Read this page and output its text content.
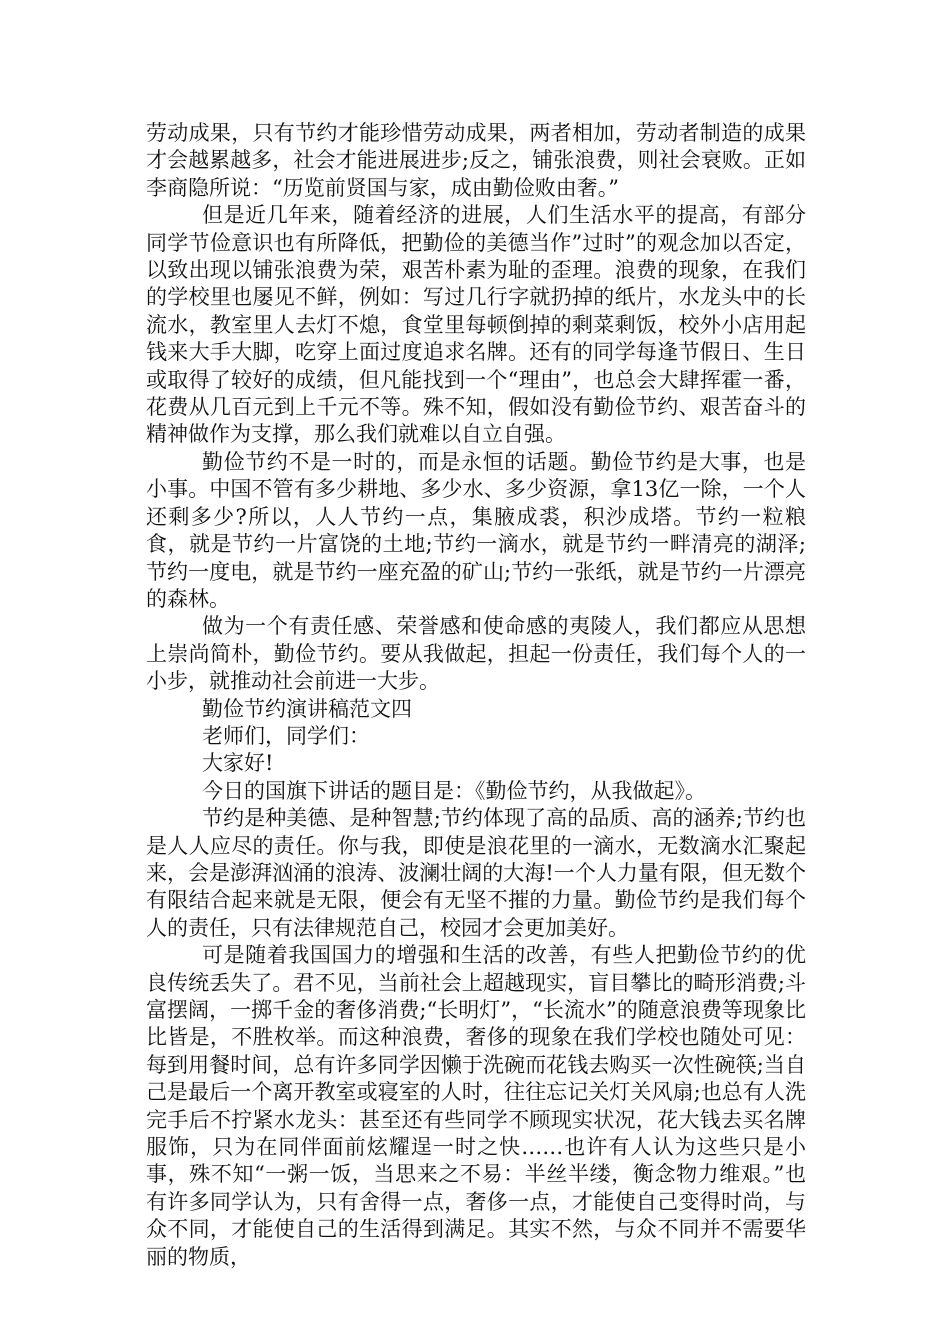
劳动成果，只有节约才能珍惜劳动成果，两者相加，劳动者制造的成果才会越累越多，社会才能进展进步;反之，铺张浪费，则社会衰败。正如李商隐所说：“历览前贤国与家，成由勤俭败由奢。”

但是近几年来，随着经济的进展，人们生活水平的提高，有部分同学节俭意识也有所降低，把勤俭的美德当作”过时”的观念加以否定，以致出现以铺张浪费为荣，艰苦朴素为耻的歪理。浪费的现象，在我们的学校里也屡见不鲜，例如：写过几行字就扔掉的纸片，水龙头中的长流水，教室里人去灯不熄，食堂里每顿倒掉的剩菜剩饭，校外小店用起钱来大手大脚，吃穿上面过度追求名牌。还有的同学每逢节假日、生日或取得了较好的成绩，但凡能找到一个“理由”，也总会大肆挥霍一番，花费从几百元到上千元不等。殊不知，假如没有勤俭节约、艰苦奋斗的精神做作为支撑，那么我们就难以自立自强。

勤俭节约不是一时的，而是永恒的话题。勤俭节约是大事，也是小事。中国不管有多少耕地、多少水、多少资源，拿13亿一除，一个人还剩多少?所以，人人节约一点，集腋成裘，积沙成塔。节约一粒粮食，就是节约一片富饶的土地;节约一滴水，就是节约一畔清亮的湖泽;节约一度电，就是节约一座充盈的矿山;节约一张纸，就是节约一片漂亮的森林。

做为一个有责任感、荣誉感和使命感的夷陵人，我们都应从思想上崇尚简朴，勤俭节约。要从我做起，担起一份责任，我们每个人的一小步，就推动社会前进一大步。

勤俭节约演讲稿范文四

老师们，同学们：

大家好!

今日的国旗下讲话的题目是：《勤俭节约，从我做起》。

节约是种美德、是种智慧;节约体现了高的品质、高的涵养;节约也是人人应尽的责任。你与我，即使是浪花里的一滴水，无数滴水汇聚起来，会是澎湃汹涌的浪涛、波澜壮阔的大海!一个人力量有限，但无数个有限结合起来就是无限，便会有无坚不摧的力量。勤俭节约是我们每个人的责任，只有法律规范自己，校园才会更加美好。

可是随着我国国力的增强和生活的改善，有些人把勤俭节约的优良传统丢失了。君不见，当前社会上超越现实，盲目攀比的畸形消费;斗富摆阔，一掷千金的奢侈消费;“长明灯”，“长流水”的随意浪费等现象比比皆是，不胜枚举。而这种浪费，奢侈的现象在我们学校也随处可见：每到用餐时间，总有许多同学因懒于洗碗而花钱去购买一次性碗筷;当自己是最后一个离开教室或寝室的人时，往往忘记关灯关风扇;也总有人洗完手后不拧紧水龙头：甚至还有些同学不顾现实状况，花大钱去买名牌服饰，只为在同伴面前炫耀逞一时之快……也许有人认为这些只是小事，殊不知“一粥一饭，当思来之不易：半丝半缕，衡念物力维艰。”也有许多同学认为，只有舍得一点，奢侈一点，才能使自己变得时尚，与众不同，才能使自己的生活得到满足。其实不然，与众不同并不需要华丽的物质，
